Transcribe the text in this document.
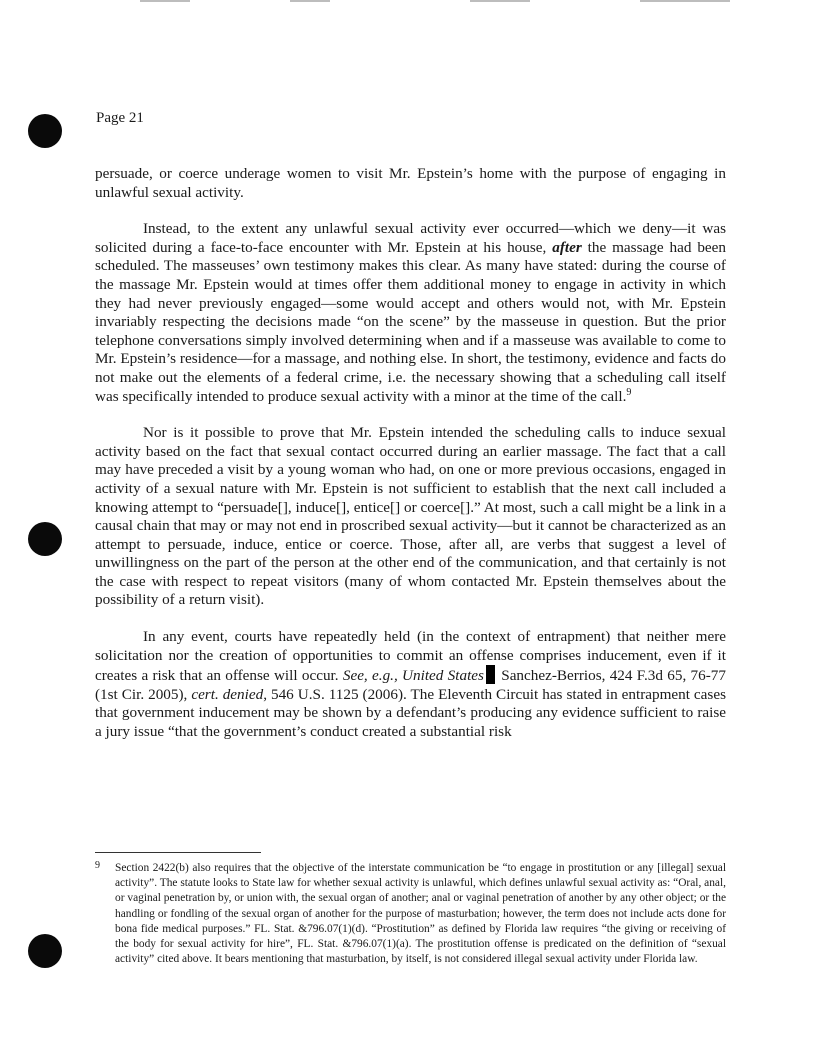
Page 21

persuade, or coerce underage women to visit Mr. Epstein’s home with the purpose of engaging in unlawful sexual activity.

Instead, to the extent any unlawful sexual activity ever occurred—which we deny—it was solicited during a face-to-face encounter with Mr. Epstein at his house, after the massage had been scheduled. The masseuses’ own testimony makes this clear. As many have stated: during the course of the massage Mr. Epstein would at times offer them additional money to engage in activity in which they had never previously engaged—some would accept and others would not, with Mr. Epstein invariably respecting the decisions made “on the scene” by the masseuse in question. But the prior telephone conversations simply involved determining when and if a masseuse was available to come to Mr. Epstein’s residence—for a massage, and nothing else. In short, the testimony, evidence and facts do not make out the elements of a federal crime, i.e. the necessary showing that a scheduling call itself was specifically intended to produce sexual activity with a minor at the time of the call.$^9$

Nor is it possible to prove that Mr. Epstein intended the scheduling calls to induce sexual activity based on the fact that sexual contact occurred during an earlier massage. The fact that a call may have preceded a visit by a young woman who had, on one or more previous occasions, engaged in activity of a sexual nature with Mr. Epstein is not sufficient to establish that the next call included a knowing attempt to “persuade[], induce[], entice[] or coerce[].” At most, such a call might be a link in a causal chain that may or may not end in proscribed sexual activity—but it cannot be characterized as an attempt to persuade, induce, entice or coerce. Those, after all, are verbs that suggest a level of unwillingness on the part of the person at the other end of the communication, and that certainly is not the case with respect to repeat visitors (many of whom contacted Mr. Epstein themselves about the possibility of a return visit).

In any event, courts have repeatedly held (in the context of entrapment) that neither mere solicitation nor the creation of opportunities to commit an offense comprises inducement, even if it creates a risk that an offense will occur. See, e.g., United States Sanchez-Berrios, 424 F.3d 65, 76-77 (1st Cir. 2005), cert. denied, 546 U.S. 1125 (2006). The Eleventh Circuit has stated in entrapment cases that government inducement may be shown by a defendant’s producing any evidence sufficient to raise a jury issue “that the government’s conduct created a substantial risk

9 Section 2422(b) also requires that the objective of the interstate communication be “to engage in prostitution or any [illegal] sexual activity”. The statute looks to State law for whether sexual activity is unlawful, which defines unlawful sexual activity as: “Oral, anal, or vaginal penetration by, or union with, the sexual organ of another; anal or vaginal penetration of another by any other object; or the handling or fondling of the sexual organ of another for the purpose of masturbation; however, the term does not include acts done for bona fide medical purposes.” FL. Stat. &796.07(1)(d). “Prostitution” as defined by Florida law requires “the giving or receiving of the body for sexual activity for hire”, FL. Stat. &796.07(1)(a). The prostitution offense is predicated on the definition of “sexual activity” cited above. It bears mentioning that masturbation, by itself, is not considered illegal sexual activity under Florida law.
